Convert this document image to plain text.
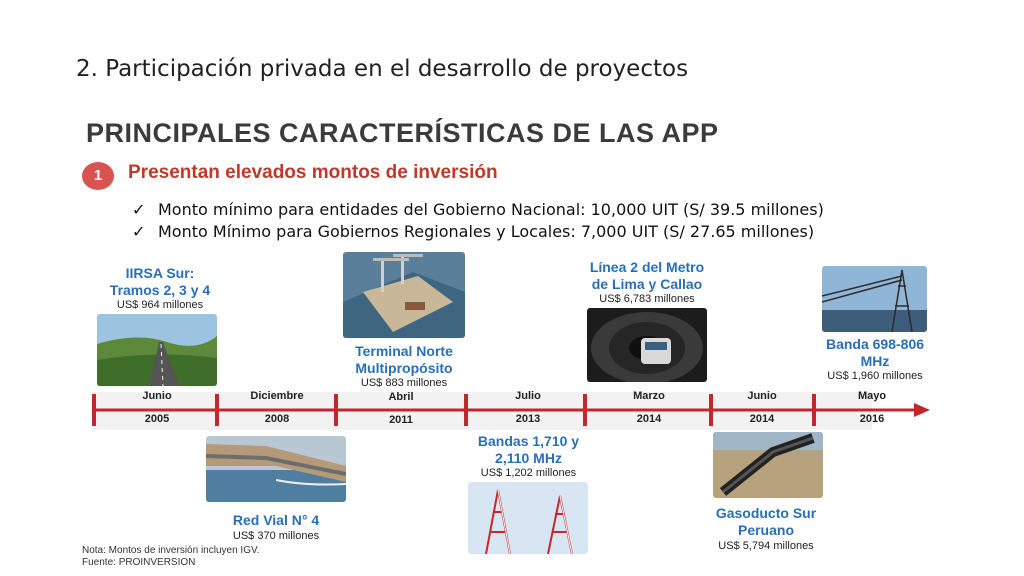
2. Participación privada en el desarrollo de proyectos
PRINCIPALES CARACTERÍSTICAS DE LAS APP
1	Presentan elevados montos de inversión
✓ Monto mínimo para entidades del Gobierno Nacional: 10,000 UIT (S/ 39.5 millones)
✓ Monto Mínimo para Gobiernos Regionales y Locales: 7,000 UIT (S/ 27.65 millones)
Junio
2005
Diciembre
2008
Abril
2011
Julio
2013
Marzo
2014
Junio
2014
Mayo
2016
IIRSA Sur:
Tramos 2, 3 y 4
US$ 964 millones
Red Vial N° 4
US$ 370 millones
Terminal Norte
Multipropósito
US$ 883 millones
Bandas 1,710 y
2,110 MHz
US$ 1,202 millones
Línea 2 del Metro
de Lima y Callao
US$ 6,783 millones
Gasoducto Sur
Peruano
US$ 5,794 millones
Banda 698-806
MHz
US$ 1,960 millones
Nota: Montos de inversión incluyen IGV.
Fuente: PROINVERSION
